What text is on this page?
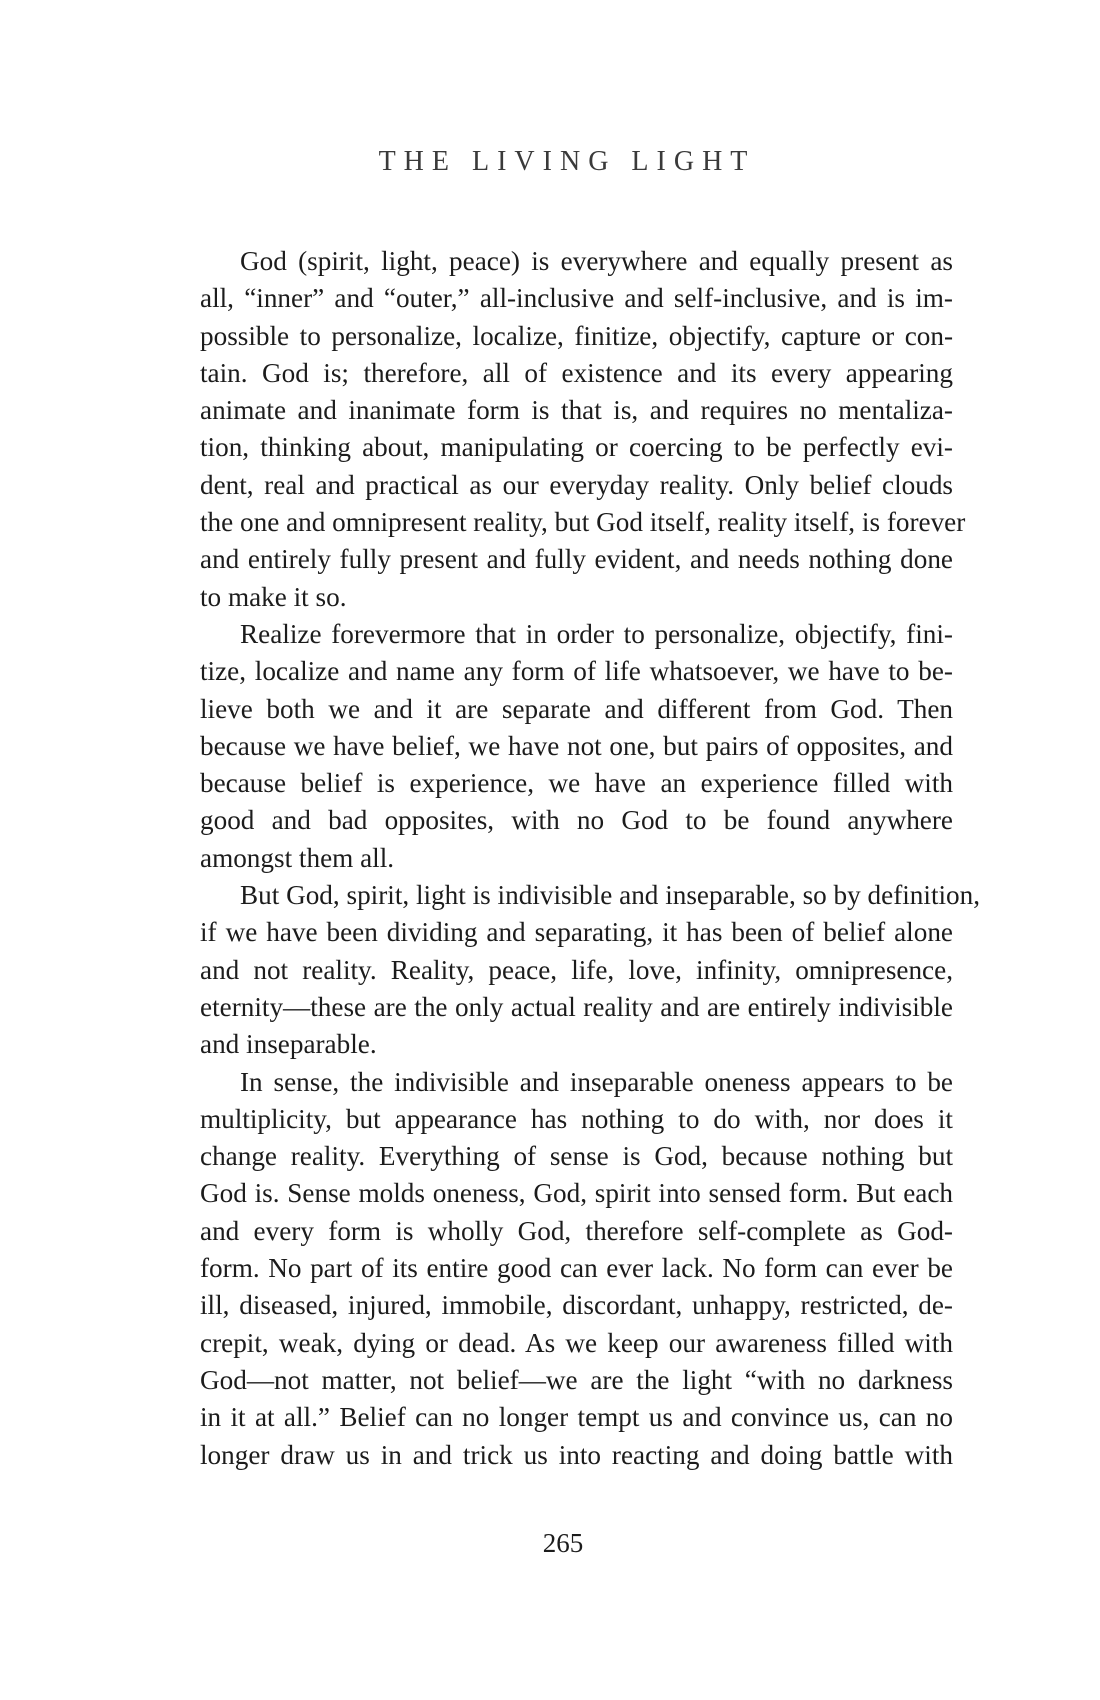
THE LIVING LIGHT
God (spirit, light, peace) is everywhere and equally present as
all, “inner” and “outer,” all-inclusive and self-inclusive, and is im-
possible to personalize, localize, finitize, objectify, capture or con-
tain. God is; therefore, all of existence and its every appearing
animate and inanimate form is that is, and requires no mentaliza-
tion, thinking about, manipulating or coercing to be perfectly evi-
dent, real and practical as our everyday reality. Only belief clouds
the one and omnipresent reality, but God itself, reality itself, is forever
and entirely fully present and fully evident, and needs nothing done
to make it so.
Realize forevermore that in order to personalize, objectify, fini-
tize, localize and name any form of life whatsoever, we have to be-
lieve both we and it are separate and different from God. Then
because we have belief, we have not one, but pairs of opposites, and
because belief is experience, we have an experience filled with
good and bad opposites, with no God to be found anywhere
amongst them all.
But God, spirit, light is indivisible and inseparable, so by definition,
if we have been dividing and separating, it has been of belief alone
and not reality. Reality, peace, life, love, infinity, omnipresence,
eternity—these are the only actual reality and are entirely indivisible
and inseparable.
In sense, the indivisible and inseparable oneness appears to be
multiplicity, but appearance has nothing to do with, nor does it
change reality. Everything of sense is God, because nothing but
God is. Sense molds oneness, God, spirit into sensed form. But each
and every form is wholly God, therefore self-complete as God-
form. No part of its entire good can ever lack. No form can ever be
ill, diseased, injured, immobile, discordant, unhappy, restricted, de-
crepit, weak, dying or dead. As we keep our awareness filled with
God—not matter, not belief—we are the light “with no darkness
in it at all.” Belief can no longer tempt us and convince us, can no
longer draw us in and trick us into reacting and doing battle with
265
